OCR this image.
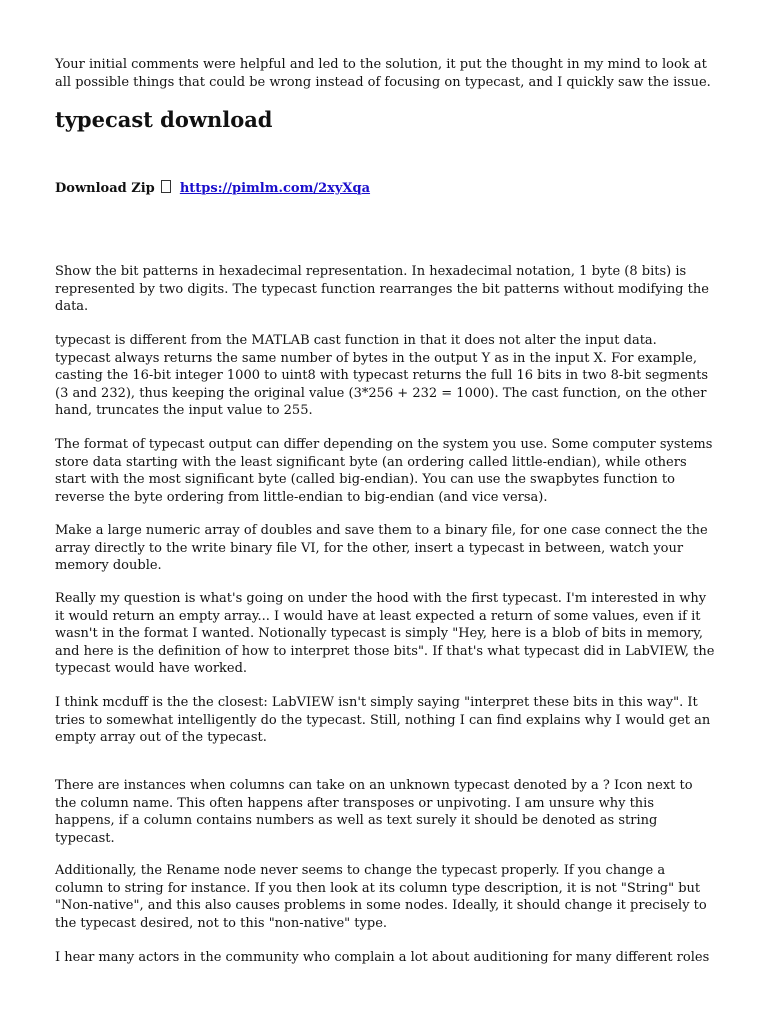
Your initial comments were helpful and led to the solution, it put the thought in my mind to look at all possible things that could be wrong instead of focusing on typecast, and I quickly saw the issue.

typecast download
Download Zip https://pimlm.com/2xyXqa

Show the bit patterns in hexadecimal representation. In hexadecimal notation, 1 byte (8 bits) is represented by two digits. The typecast function rearranges the bit patterns without modifying the data.

typecast is different from the MATLAB cast function in that it does not alter the input data. typecast always returns the same number of bytes in the output Y as in the input X. For example, casting the 16-bit integer 1000 to uint8 with typecast returns the full 16 bits in two 8-bit segments (3 and 232), thus keeping the original value (3*256 + 232 = 1000). The cast function, on the other hand, truncates the input value to 255.

The format of typecast output can differ depending on the system you use. Some computer systems store data starting with the least significant byte (an ordering called little-endian), while others start with the most significant byte (called big-endian). You can use the swapbytes function to reverse the byte ordering from little-endian to big-endian (and vice versa).

Make a large numeric array of doubles and save them to a binary file, for one case connect the the array directly to the write binary file VI, for the other, insert a typecast in between, watch your memory double.

Really my question is what's going on under the hood with the first typecast. I'm interested in why it would return an empty array... I would have at least expected a return of some values, even if it wasn't in the format I wanted. Notionally typecast is simply "Hey, here is a blob of bits in memory, and here is the definition of how to interpret those bits". If that's what typecast did in LabVIEW, the typecast would have worked.

I think mcduff is the the closest: LabVIEW isn't simply saying "interpret these bits in this way". It tries to somewhat intelligently do the typecast. Still, nothing I can find explains why I would get an empty array out of the typecast.

There are instances when columns can take on an unknown typecast denoted by a ? Icon next to the column name. This often happens after transposes or unpivoting. I am unsure why this happens, if a column contains numbers as well as text surely it should be denoted as string typecast.

Additionally, the Rename node never seems to change the typecast properly. If you change a column to string for instance. If you then look at its column type description, it is not "String" but "Non-native", and this also causes problems in some nodes. Ideally, it should change it precisely to the typecast desired, not to this "non-native" type.

I hear many actors in the community who complain a lot about auditioning for many different roles
